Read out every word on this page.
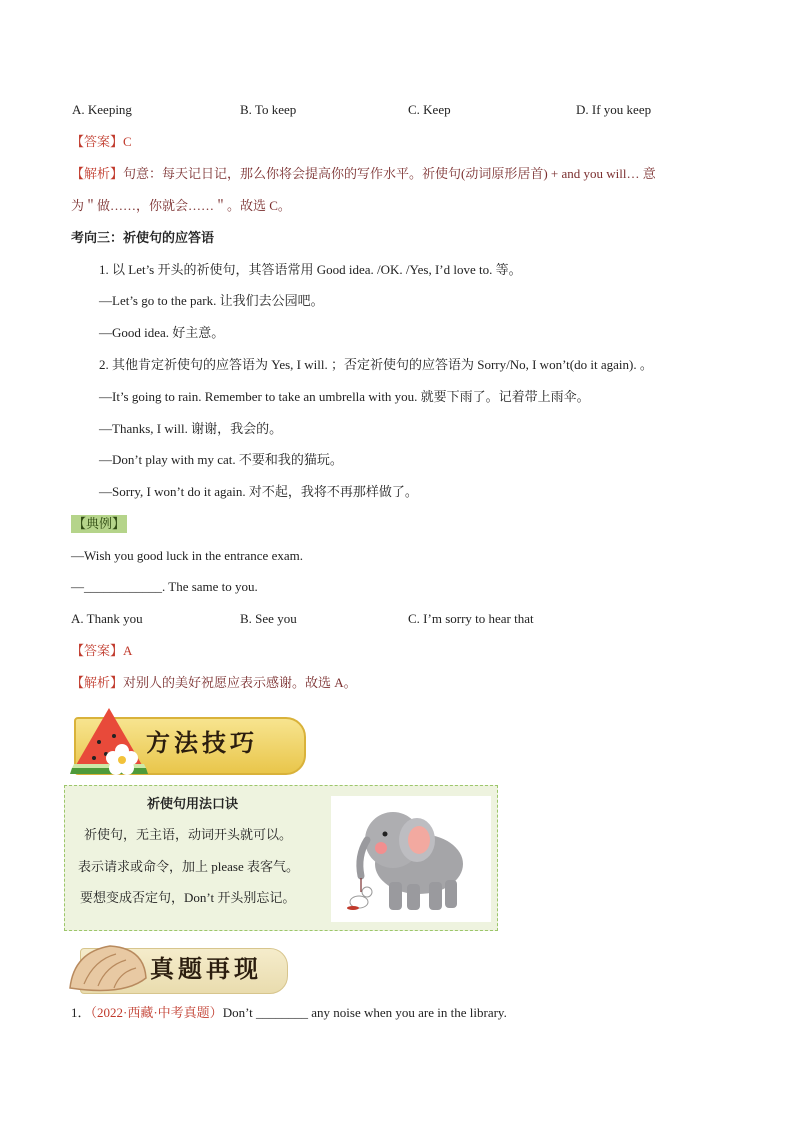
A. Keeping	B. To keep	C. Keep	D. If you keep
【答案】C
【解析】句意：每天记日记，那么你将会提高你的写作水平。祈使句(动词原形居首) + and you will… 意
为＂做……，你就会……＂。故选 C。
考向三：祈使句的应答语
1. 以 Let’s 开头的祈使句，其答语常用 Good idea. /OK. /Yes, I’d love to. 等。
—Let’s go to the park. 让我们去公园吧。
—Good idea. 好主意。
2. 其他肯定祈使句的应答语为 Yes, I will. ；否定祈使句的应答语为 Sorry/No, I won’t(do it again). 。
—It’s going to rain. Remember to take an umbrella with you. 就要下雨了。记着带上雨伞。
—Thanks, I will. 谢谢，我会的。
—Don’t play with my cat. 不要和我的猫玩。
—Sorry, I won’t do it again. 对不起，我将不再那样做了。
【典例】
—Wish you good luck in the entrance exam.
—____________. The same to you.
A. Thank you	B. See you	C. I’m sorry to hear that
【答案】A
【解析】对别人的美好祝愿应表示感谢。故选 A。
方法技巧
祈使句用法口诀
祈使句，无主语，动词开头就可以。
表示请求或命令，加上 please 表客气。
要想变成否定句，Don’t 开头别忘记。
真题再现
1．（2022·西藏·中考真题）Don’t ________ any noise when you are in the library.
